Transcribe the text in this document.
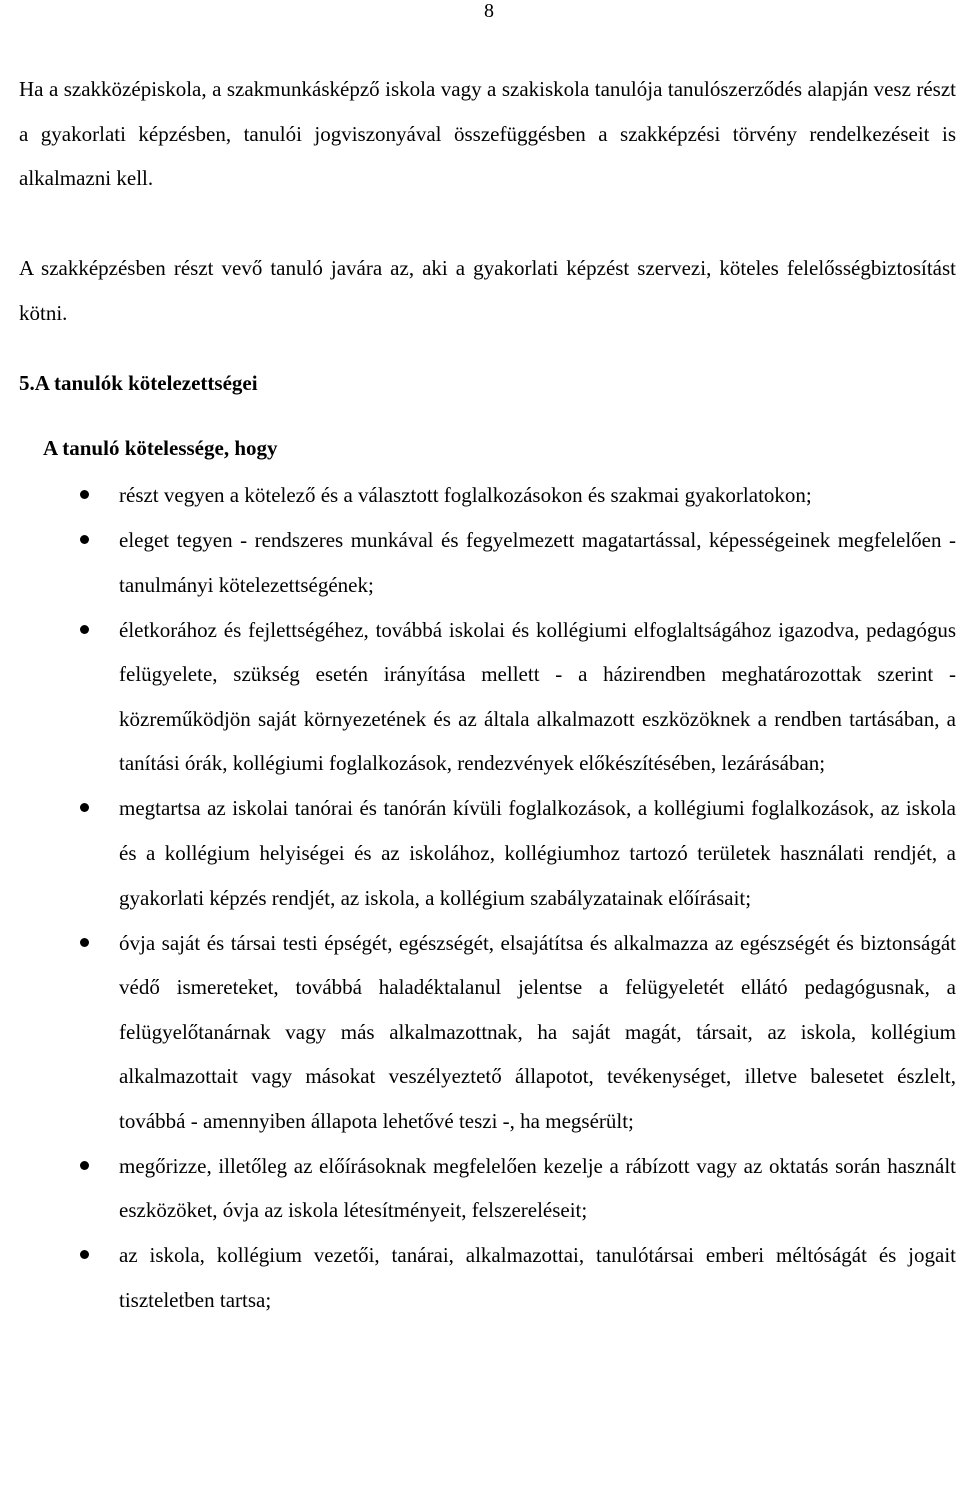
8

Ha a szakközépiskola, a szakmunkásképző iskola vagy a szakiskola tanulója tanulószerződés alapján vesz részt a gyakorlati képzésben, tanulói jogviszonyával összefüggésben a szakképzési törvény rendelkezéseit is alkalmazni kell.

A szakképzésben részt vevő tanuló javára az, aki a gyakorlati képzést szervezi, köteles felelősségbiztosítást kötni.

5.A tanulók kötelezettségei
A tanuló kötelessége, hogy
részt vegyen a kötelező és a választott foglalkozásokon és szakmai gyakorlatokon;
eleget tegyen - rendszeres munkával és fegyelmezett magatartással, képességeinek megfelelően - tanulmányi kötelezettségének;
életkorához és fejlettségéhez, továbbá iskolai és kollégiumi elfoglaltságához igazodva, pedagógus felügyelete, szükség esetén irányítása mellett - a házirendben meghatározottak szerint - közreműködjön saját környezetének és az általa alkalmazott eszközöknek a rendben tartásában, a tanítási órák, kollégiumi foglalkozások, rendezvények előkészítésében, lezárásában;
megtartsa az iskolai tanórai és tanórán kívüli foglalkozások, a kollégiumi foglalkozások, az iskola és a kollégium helyiségei és az iskolához, kollégiumhoz tartozó területek használati rendjét, a gyakorlati képzés rendjét, az iskola, a kollégium szabályzatainak előírásait;
óvja saját és társai testi épségét, egészségét, elsajátítsa és alkalmazza az egészségét és biztonságát védő ismereteket, továbbá haladéktalanul jelentse a felügyeletét ellátó pedagógusnak, a felügyelőtanárnak vagy más alkalmazottnak, ha saját magát, társait, az iskola, kollégium alkalmazottait vagy másokat veszélyeztető állapotot, tevékenységet, illetve balesetet észlelt, továbbá - amennyiben állapota lehetővé teszi -, ha megsérült;
megőrizze, illetőleg az előírásoknak megfelelően kezelje a rábízott vagy az oktatás során használt eszközöket, óvja az iskola létesítményeit, felszereléseit;
az iskola, kollégium vezetői, tanárai, alkalmazottai, tanulótársai emberi méltóságát és jogait tiszteletben tartsa;
